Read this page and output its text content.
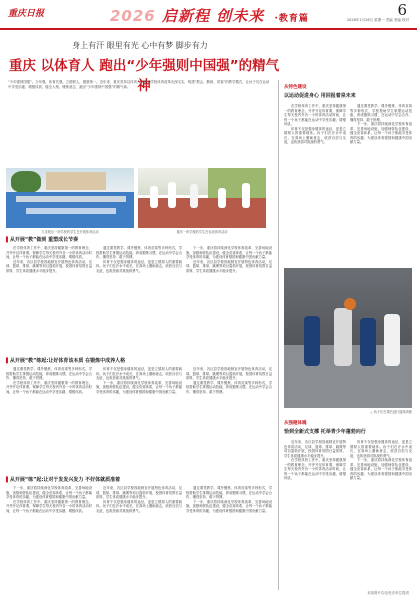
重庆日报	2026 启新程 创未来 ·教育篇	6
2026年1月26日 星期一 责编 美编 校对
身上有汗 眼里有光 心中有梦 脚步有力
重庆 以体育人 跑出“少年强则中国强”的精气神
“少年强则国强”。少年强，体育先强。立德树人，健康第一。近年来，重庆坚持以体育人，推动学校体育改革走深走实，构建“教会、勤练、常赛”的教学模式，让孩子们在运动中享受乐趣、增强体质、健全人格、锤炼意志，跑出“少年强则中国强”的精气神。
九龙坡区一所学校的学生在开展体育运动	重庆一所学校的学生在参加体育活动
▌从开展“教”做到 重塑成长节奏

在学校体育工作中，重庆坚持健康第一的教育理念，开齐开足体育课，保障学生每天校内外各一小时体育活动时间，让每一个孩子都能在运动中享受乐趣、增强体质。

近年来，各区县学校因地制宜开展特色体育活动，足球、篮球、排球、跳绳等项目蓬勃开展，校园体育氛围日益浓厚，学生体质健康水平稳步提升。

通过课堂教学、课外锻炼、体育竞赛等多种形式，学校帮助学生掌握运动技能，养成锻炼习惯，在运动中学会合作、懂得坚持、敢于拼搏。

体育不仅是强身健体的途径，更是立德树人的重要载体。孩子们在汗水中成长，在赛场上磨砺意志，收获自信与友谊，也收获面对挑战的勇气。

下一步，重庆将持续深化学校体育改革，完善场地设施，加强师资队伍建设，健全竞赛体系，让每一个孩子都能享受体育的乐趣，为建设体育强国和健康中国贡献力量。

近年来，各区县学校因地制宜开展特色体育活动，足球、篮球、排球、跳绳等项目蓬勃开展，校园体育氛围日益浓厚，学生体质健康水平稳步提升。

▌从开展“教”练起:让好体育该本质 在锻炼中成养人格

通过课堂教学、课外锻炼、体育竞赛等多种形式，学校帮助学生掌握运动技能，养成锻炼习惯，在运动中学会合作、懂得坚持、敢于拼搏。

在学校体育工作中，重庆坚持健康第一的教育理念，开齐开足体育课，保障学生每天校内外各一小时体育活动时间，让每一个孩子都能在运动中享受乐趣、增强体质。

体育不仅是强身健体的途径，更是立德树人的重要载体。孩子们在汗水中成长，在赛场上磨砺意志，收获自信与友谊，也收获面对挑战的勇气。

下一步，重庆将持续深化学校体育改革，完善场地设施，加强师资队伍建设，健全竞赛体系，让每一个孩子都能享受体育的乐趣，为建设体育强国和健康中国贡献力量。

近年来，各区县学校因地制宜开展特色体育活动，足球、篮球、排球、跳绳等项目蓬勃开展，校园体育氛围日益浓厚，学生体质健康水平稳步提升。

通过课堂教学、课外锻炼、体育竞赛等多种形式，学校帮助学生掌握运动技能，养成锻炼习惯，在运动中学会合作、懂得坚持、敢于拼搏。

▌从开展“练”起:让对于发发兴发力 不好体就质准着

下一步，重庆将持续深化学校体育改革，完善场地设施，加强师资队伍建设，健全竞赛体系，让每一个孩子都能享受体育的乐趣，为建设体育强国和健康中国贡献力量。

在学校体育工作中，重庆坚持健康第一的教育理念，开齐开足体育课，保障学生每天校内外各一小时体育活动时间，让每一个孩子都能在运动中享受乐趣、增强体质。

近年来，各区县学校因地制宜开展特色体育活动，足球、篮球、排球、跳绳等项目蓬勃开展，校园体育氛围日益浓厚，学生体质健康水平稳步提升。

体育不仅是强身健体的途径，更是立德树人的重要载体。孩子们在汗水中成长，在赛场上磨砺意志，收获自信与友谊，也收获面对挑战的勇气。

通过课堂教学、课外锻炼、体育竞赛等多种形式，学校帮助学生掌握运动技能，养成锻炼习惯，在运动中学会合作、懂得坚持、敢于拼搏。

下一步，重庆将持续深化学校体育改革，完善场地设施，加强师资队伍建设，健全竞赛体系，让每一个孩子都能享受体育的乐趣，为建设体育强国和健康中国贡献力量。

从特色建设
以运动促进身心 用回报着泉未来

在学校体育工作中，重庆坚持健康第一的教育理念，开齐开足体育课，保障学生每天校内外各一小时体育活动时间，让每一个孩子都能在运动中享受乐趣、增强体质。

体育不仅是强身健体的途径，更是立德树人的重要载体。孩子们在汗水中成长，在赛场上磨砺意志，收获自信与友谊，也收获面对挑战的勇气。

通过课堂教学、课外锻炼、体育竞赛等多种形式，学校帮助学生掌握运动技能，养成锻炼习惯，在运动中学会合作、懂得坚持、敢于拼搏。

下一步，重庆将持续深化学校体育改革，完善场地设施，加强师资队伍建设，健全竞赛体系，让每一个孩子都能享受体育的乐趣，为建设体育强国和健康中国贡献力量。

△ 孩子们在课后进行篮球训练
从强健体魄
恰到全新式支撑 托举青少年蓬勃向行

近年来，各区县学校因地制宜开展特色体育活动，足球、篮球、排球、跳绳等项目蓬勃开展，校园体育氛围日益浓厚，学生体质健康水平稳步提升。

在学校体育工作中，重庆坚持健康第一的教育理念，开齐开足体育课，保障学生每天校内外各一小时体育活动时间，让每一个孩子都能在运动中享受乐趣、增强体质。

体育不仅是强身健体的途径，更是立德树人的重要载体。孩子们在汗水中成长，在赛场上磨砺意志，收获自信与友谊，也收获面对挑战的勇气。

下一步，重庆将持续深化学校体育改革，完善场地设施，加强师资队伍建设，健全竞赛体系，让每一个孩子都能享受体育的乐趣，为建设体育强国和健康中国贡献力量。

本版图片均由受访单位提供
